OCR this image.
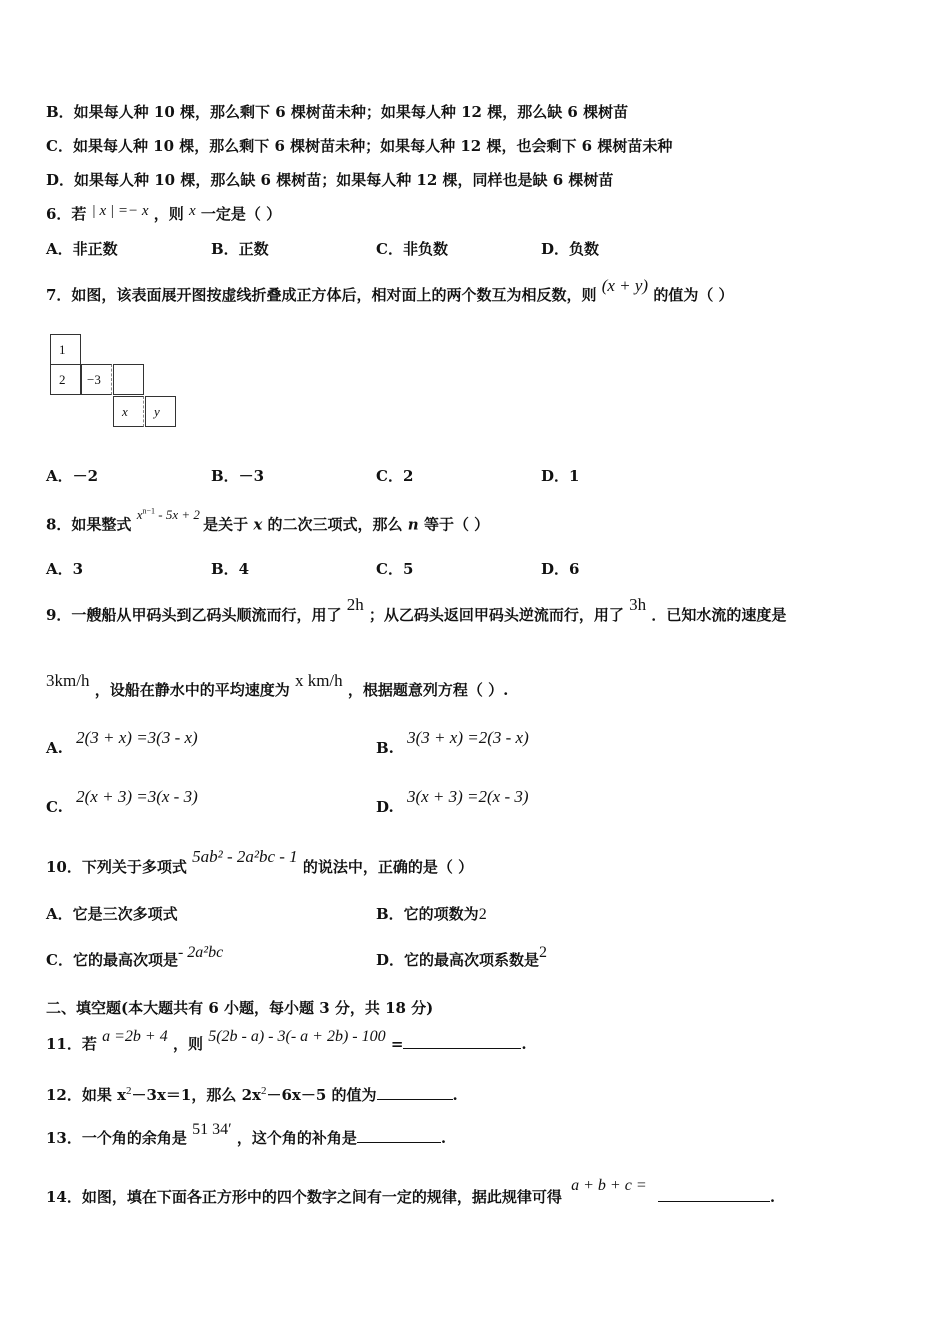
B．如果每人种 10 棵，那么剩下 6 棵树苗未种；如果每人种 12 棵，那么缺 6 棵树苗
C．如果每人种 10 棵，那么剩下 6 棵树苗未种；如果每人种 12 棵，也会剩下 6 棵树苗未种
D．如果每人种 10 棵，那么缺 6 棵树苗；如果每人种 12 棵，同样也是缺 6 棵树苗
6．若 | x | =− x ，则 x 一定是（ ）
A．非正数	B．正数	C．非负数	D．负数
7．如图，该表面展开图按虚线折叠成正方体后，相对面上的两个数互为相反数，则 (x + y) 的值为（ ）
1
2 −3
x y
A．－2	B．－3	C．2	D．1
8．如果整式 $x^{n-1} - 5x + 2$ 是关于 x 的二次三项式，那么 n 等于（ ）
A．3	B．4	C．5	D．6
9．一艘船从甲码头到乙码头顺流而行，用了 2h ；从乙码头返回甲码头逆流而行，用了 3h ．已知水流的速度是
3km/h ，设船在静水中的平均速度为 x km/h ，根据题意列方程（ ）.
A. 2(3 + x) =3(3 - x)
B. 3(3 + x) =2(3 - x)
C. 2(x + 3) =3(x - 3)
D. 3(x + 3) =2(x - 3)
10．下列关于多项式 5ab² - 2a²bc - 1 的说法中，正确的是（ ）
A．它是三次多项式	B．它的项数为2
C．它的最高次项是- 2a²bc	D．它的最高次项系数是2
二、填空题(本大题共有 6 小题，每小题 3 分，共 18 分)
11．若 a =2b + 4 ，则 5(2b - a) - 3(- a + 2b) - 100 =	.
12．如果 $x^2-3x=1$，那么 $2x^2-6x-5$ 的值为	.
13．一个角的余角是 51 34′ ，这个角的补角是	.
14．如图，填在下面各正方形中的四个数字之间有一定的规律，据此规律可得 a + b + c = .
